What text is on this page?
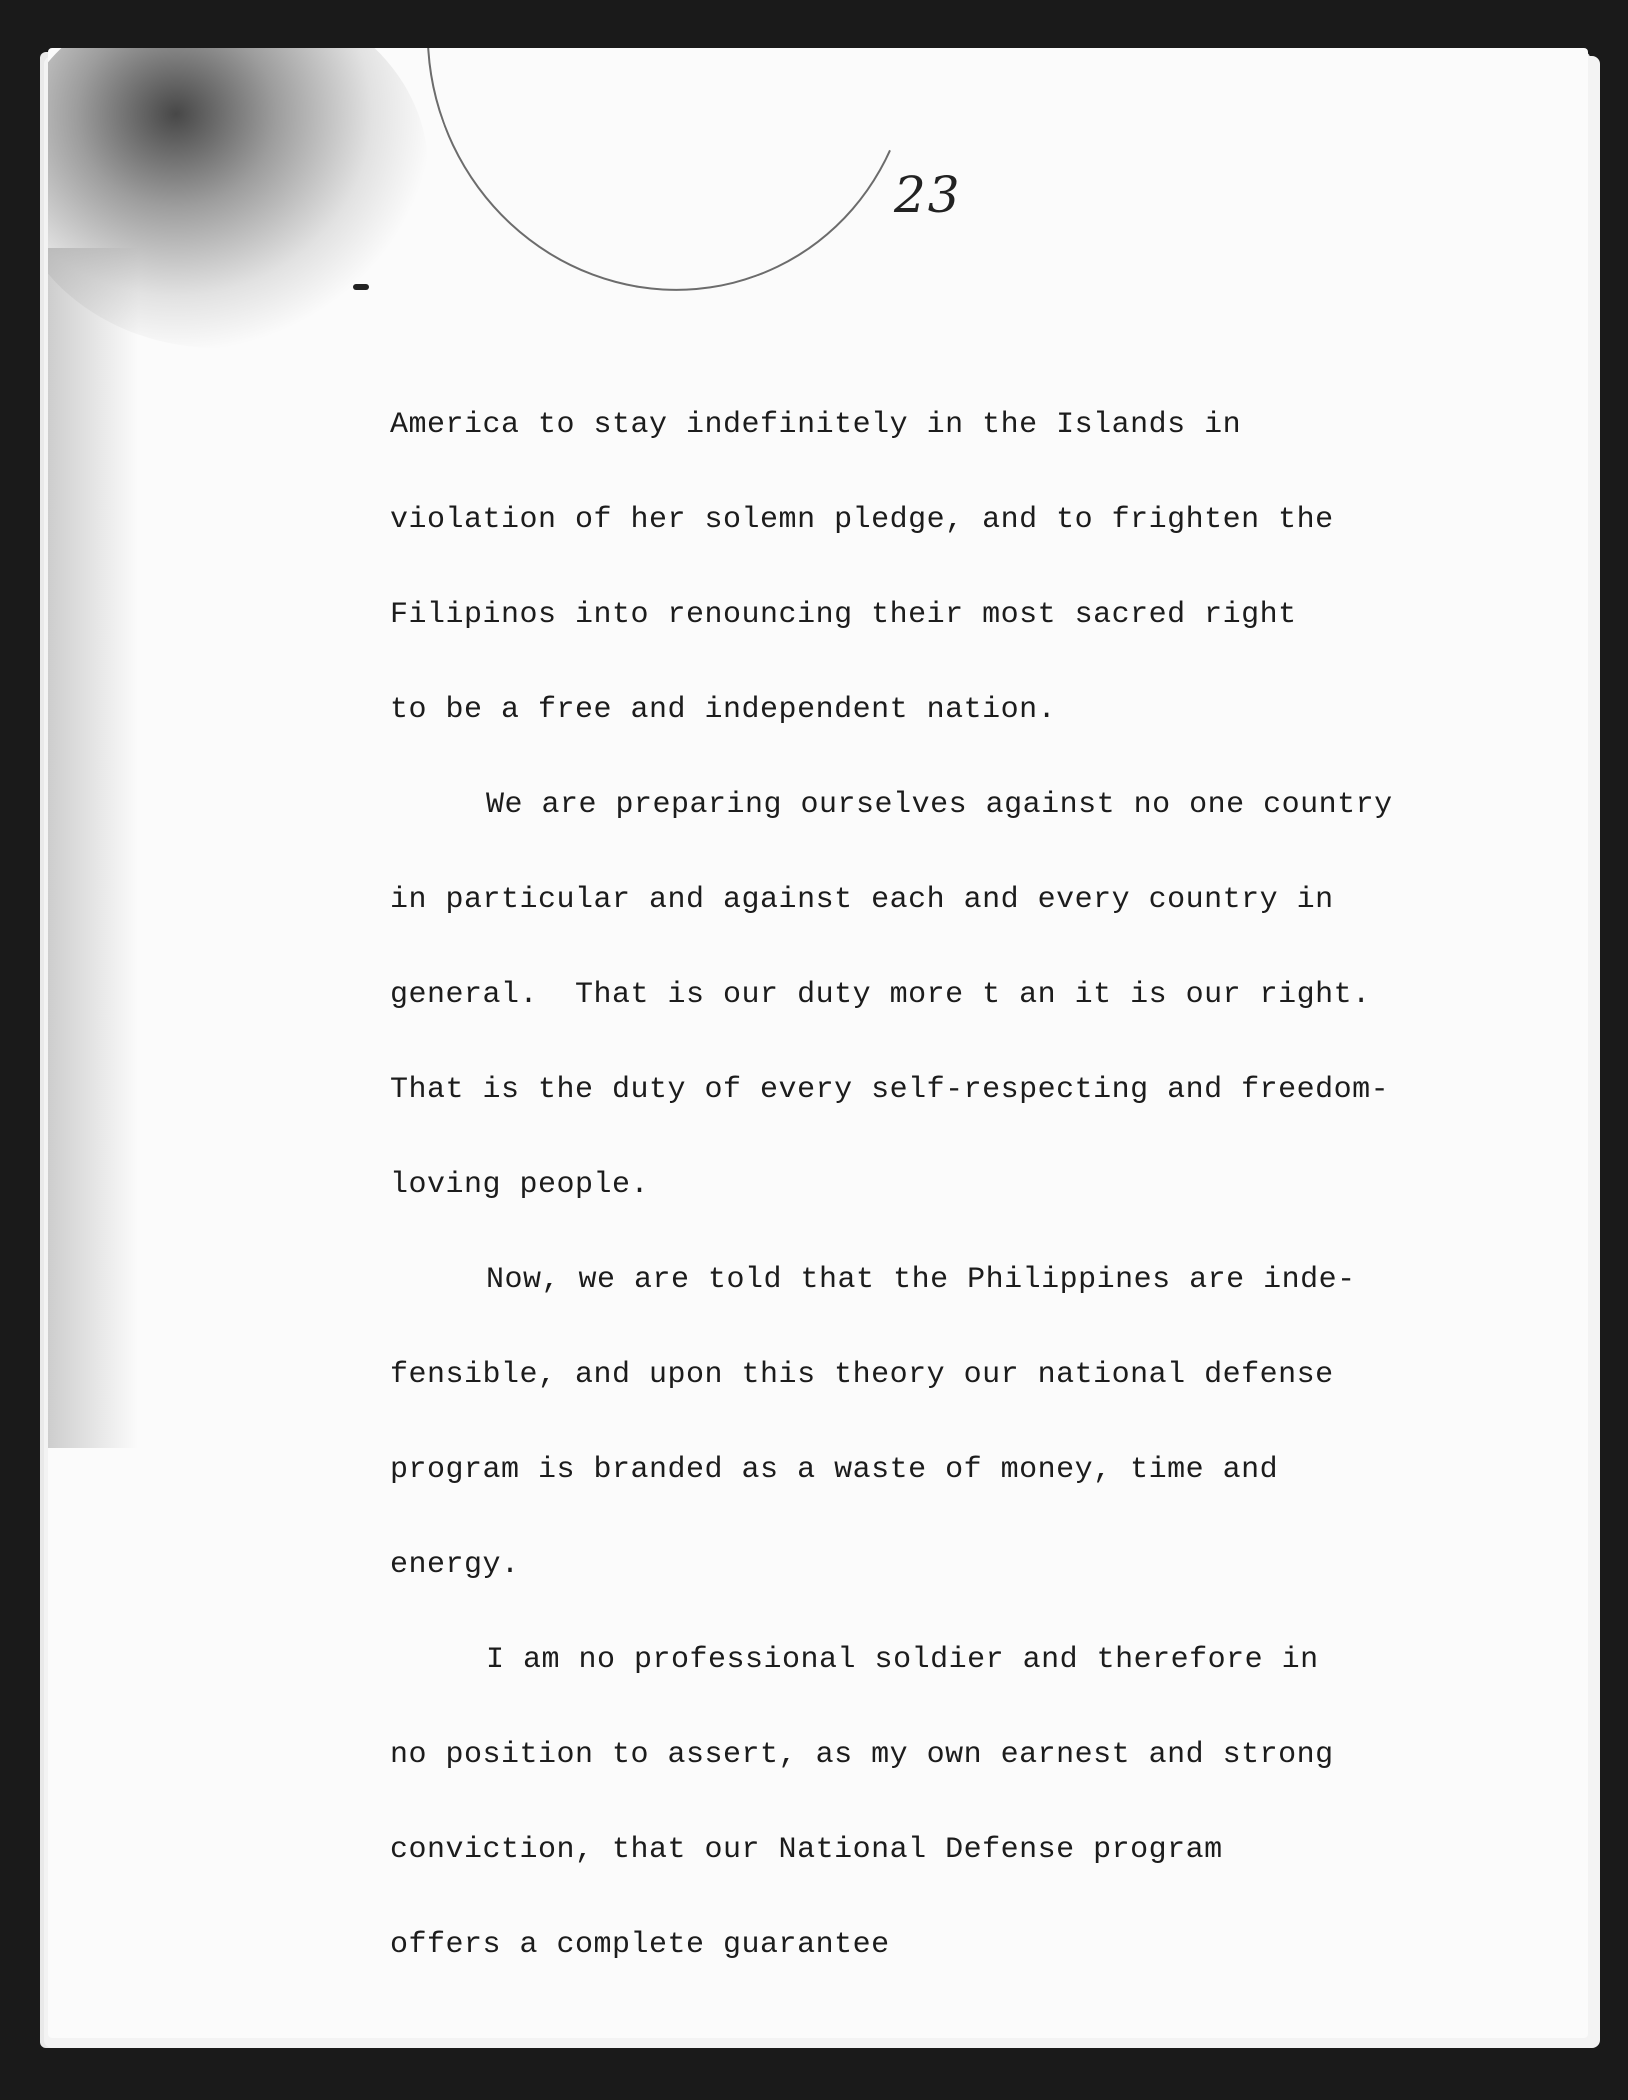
23
America to stay indefinitely in the Islands in
violation of her solemn pledge, and to frighten the
Filipinos into renouncing their most sacred right
to be a free and independent nation.
We are preparing ourselves against no one country
in particular and against each and every country in
general.  That is our duty more t an it is our right.
That is the duty of every self-respecting and freedom-
loving people.
Now, we are told that the Philippines are inde-
fensible, and upon this theory our national defense
program is branded as a waste of money, time and
energy.
I am no professional soldier and therefore in
no position to assert, as my own earnest and strong
conviction, that our National Defense program
offers a complete guarantee
